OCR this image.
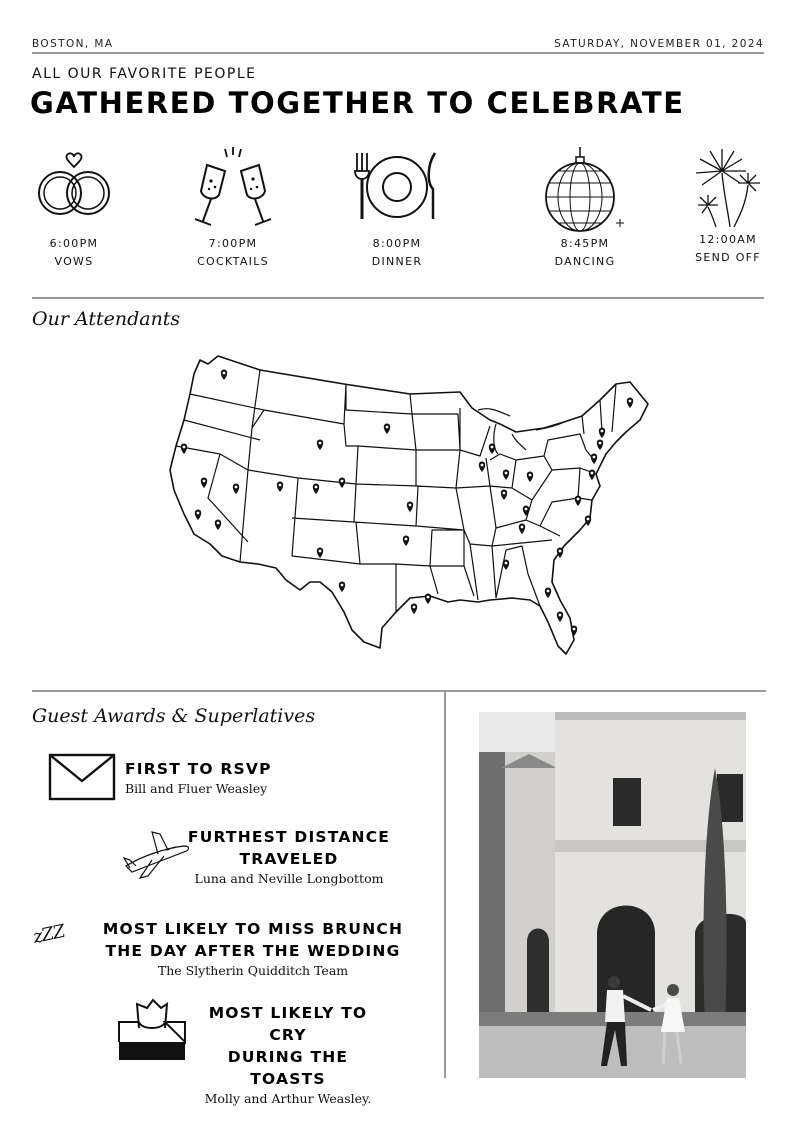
BOSTON, MA	SATURDAY, NOVEMBER 01, 2024
ALL OUR FAVORITE PEOPLE
GATHERED TOGETHER TO CELEBRATE
6:00PM
VOWS
7:00PM
COCKTAILS
8:00PM
DINNER
8:45PM
DANCING
12:00AM
SEND OFF
Our Attendants
Guest Awards & Superlatives
FIRST TO RSVP
Bill and Fluer Weasley
FURTHEST DISTANCE
TRAVELED
Luna and Neville Longbottom
zZZ	MOST LIKELY TO MISS BRUNCH
THE DAY AFTER THE WEDDING
The Slytherin Quidditch Team
MOST LIKELY TO CRY
DURING THE TOASTS
Molly and Arthur Weasley.
